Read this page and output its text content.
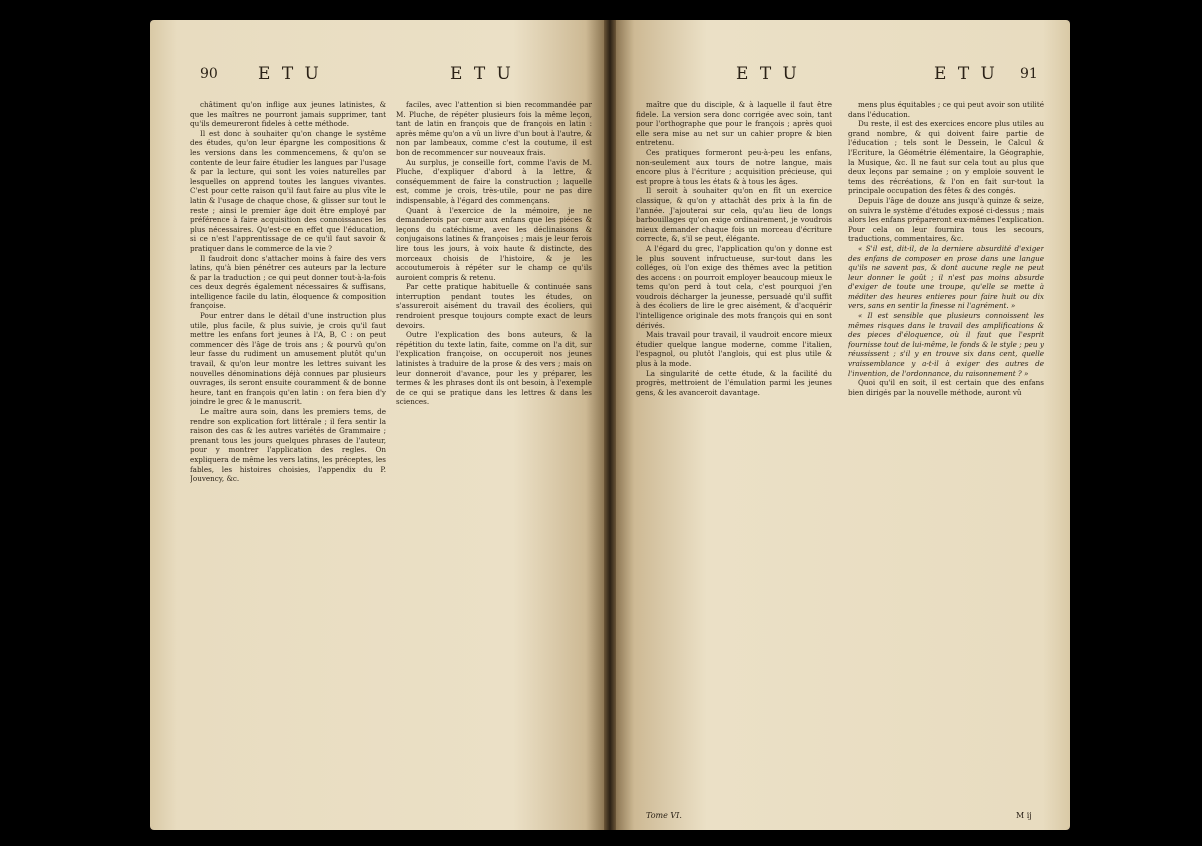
90 E T U	E T U

châtiment qu'on inflige aux jeunes latinistes, & que les maîtres ne pourront jamais supprimer, tant qu'ils demeureront fideles à cette méthode.

Il est donc à souhaiter qu'on change le systême des études, qu'on leur épargne les compositions & les versions dans les commencemens, & qu'on se contente de leur faire étudier les langues par l'usage & par la lecture, qui sont les voies naturelles par lesquelles on apprend toutes les langues vivantes. C'est pour cette raison qu'il faut faire au plus vîte le latin & l'usage de chaque chose, & glisser sur tout le reste ; ainsi le premier âge doit être employé par préférence à faire acquisition des connoissances les plus nécessaires. Qu'est-ce en effet que l'éducation, si ce n'est l'apprentissage de ce qu'il faut savoir & pratiquer dans le commerce de la vie ?

Il faudroit donc s'attacher moins à faire des vers latins, qu'à bien pénétrer ces auteurs par la lecture & par la traduction ; ce qui peut donner tout-à-la-fois ces deux degrés également nécessaires & suffisans, intelligence facile du latin, éloquence & composition françoise.

Pour entrer dans le détail d'une instruction plus utile, plus facile, & plus suivie, je crois qu'il faut mettre les enfans fort jeunes à l'A, B, C : on peut commencer dès l'âge de trois ans ; & pourvû qu'on leur fasse du rudiment un amusement plutôt qu'un travail, & qu'on leur montre les lettres suivant les nouvelles dénominations déjà connues par plusieurs ouvrages, ils seront ensuite couramment & de bonne heure, tant en françois qu'en latin : on fera bien d'y joindre le grec & le manuscrit.

Le maître aura soin, dans les premiers tems, de rendre son explication fort littérale ; il fera sentir la raison des cas & les autres variétés de Grammaire ; prenant tous les jours quelques phrases de l'auteur, pour y montrer l'application des regles. On expliquera de même les vers latins, les préceptes, les fables, les histoires choisies, l'appendix du P. Jouvency, &c.

faciles, avec l'attention si bien recommandée par M. Pluche, de répéter plusieurs fois la même leçon, tant de latin en françois que de françois en latin : après même qu'on a vû un livre d'un bout à l'autre, & non par lambeaux, comme c'est la coutume, il est bon de recommencer sur nouveaux frais.

Au surplus, je conseille fort, comme l'avis de M. Pluche, d'expliquer d'abord à la lettre, & conséquemment de faire la construction ; laquelle est, comme je crois, très-utile, pour ne pas dire indispensable, à l'égard des commençans.

Quant à l'exercice de la mémoire, je ne demanderois par cœur aux enfans que les piéces & leçons du catéchisme, avec les déclinaisons & conjugaisons latines & françoises ; mais je leur ferois lire tous les jours, à voix haute & distincte, des morceaux choisis de l'histoire, & je les accoutumerois à répéter sur le champ ce qu'ils auroient compris & retenu.

Par cette pratique habituelle & continuée sans interruption pendant toutes les études, on s'assureroit aisément du travail des écoliers, qui rendroient presque toujours compte exact de leurs devoirs.

Outre l'explication des bons auteurs, & la répétition du texte latin, faite, comme on l'a dit, sur l'explication françoise, on occuperoit nos jeunes latinistes à traduire de la prose & des vers ; mais on leur donneroit d'avance, pour les y préparer, les termes & les phrases dont ils ont besoin, à l'exemple de ce qui se pratique dans les lettres & dans les sciences.

E T U	E T U 91

maître que du disciple, & à laquelle il faut être fidele. La version sera donc corrigée avec soin, tant pour l'orthographe que pour le françois ; après quoi elle sera mise au net sur un cahier propre & bien entretenu.

Ces pratiques formeront peu-à-peu les enfans, non-seulement aux tours de notre langue, mais encore plus à l'écriture ; acquisition précieuse, qui est propre à tous les états & à tous les âges.

Il seroit à souhaiter qu'on en fît un exercice classique, & qu'on y attachât des prix à la fin de l'année. J'ajouterai sur cela, qu'au lieu de longs barbouillages qu'on exige ordinairement, je voudrois mieux demander chaque fois un morceau d'écriture correcte, &, s'il se peut, élégante.

A l'égard du grec, l'application qu'on y donne est le plus souvent infructueuse, sur-tout dans les colléges, où l'on exige des thêmes avec la petition des accens : on pourroit employer beaucoup mieux le tems qu'on perd à tout cela, c'est pourquoi j'en voudrois décharger la jeunesse, persuadé qu'il suffit à des écoliers de lire le grec aisément, & d'acquérir l'intelligence originale des mots françois qui en sont dérivés.

Mais travail pour travail, il vaudroit encore mieux étudier quelque langue moderne, comme l'italien, l'espagnol, ou plutôt l'anglois, qui est plus utile & plus à la mode.

La singularité de cette étude, & la facilité du progrès, mettroient de l'émulation parmi les jeunes gens, & les avanceroit davantage.

mens plus équitables ; ce qui peut avoir son utilité dans l'éducation.

Du reste, il est des exercices encore plus utiles au grand nombre, & qui doivent faire partie de l'éducation ; tels sont le Dessein, le Calcul & l'Ecriture, la Géométrie élémentaire, la Géographie, la Musique, &c. Il ne faut sur cela tout au plus que deux leçons par semaine ; on y emploie souvent le tems des récréations, & l'on en fait sur-tout la principale occupation des fêtes & des congés.

Depuis l'âge de douze ans jusqu'à quinze & seize, on suivra le système d'études exposé ci-dessus ; mais alors les enfans prépareront eux-mêmes l'explication. Pour cela on leur fournira tous les secours, traductions, commentaires, &c.

« S'il est, dit-il, de la derniere absurdité d'exiger des enfans de composer en prose dans une langue qu'ils ne savent pas, & dont aucune regle ne peut leur donner le goût ; il n'est pas moins absurde d'exiger de toute une troupe, qu'elle se mette à méditer des heures entieres pour faire huit ou dix vers, sans en sentir la finesse ni l'agrément. »

« Il est sensible que plusieurs connoissent les mêmes risques dans le travail des amplifications & des pieces d'éloquence, où il faut que l'esprit fournisse tout de lui-même, le fonds & le style ; peu y réussissent ; s'il y en trouve six dans cent, quelle vraissemblance y a-t-il à exiger des autres de l'invention, de l'ordonnance, du raisonnement ? »

Quoi qu'il en soit, il est certain que des enfans bien dirigés par la nouvelle méthode, auront vû

Tome VI.	M ij
